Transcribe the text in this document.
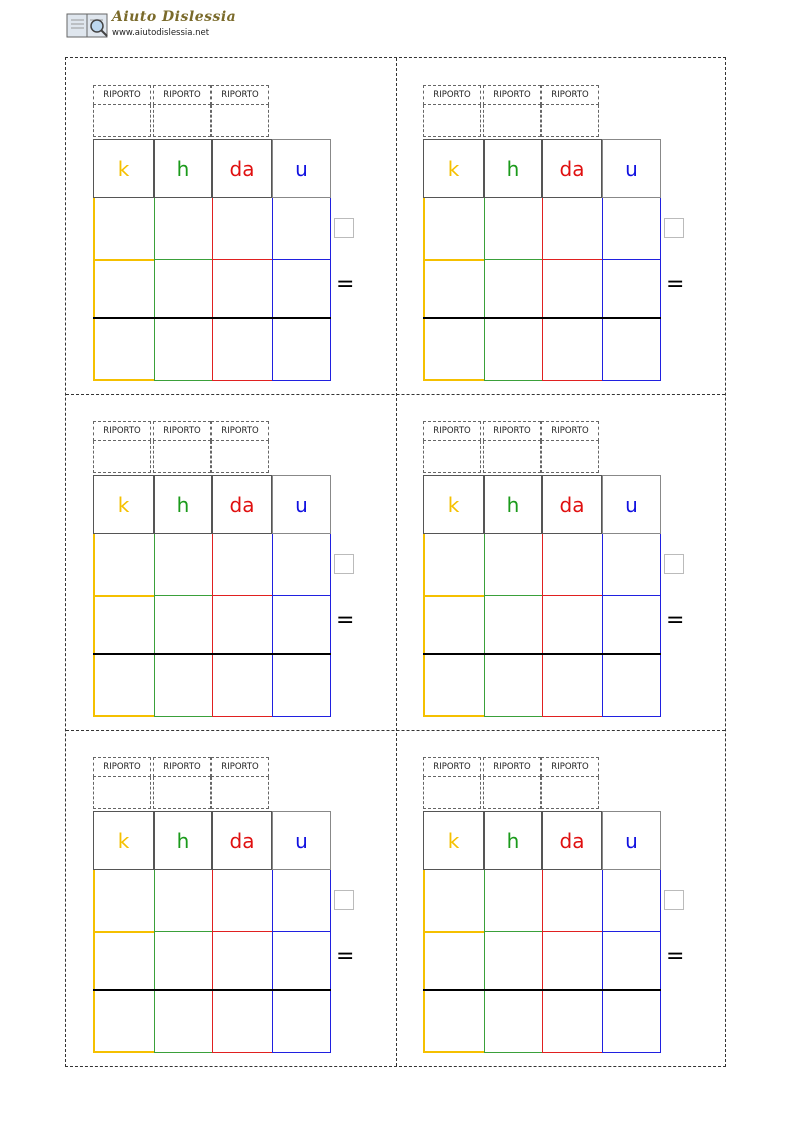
Aiuto Dislessia
www.aiutodislessia.net
RIPORTO	RIPORTO	RIPORTO
k	h	da	u
=
RIPORTO	RIPORTO	RIPORTO
k	h	da	u
=
RIPORTO	RIPORTO	RIPORTO
k	h	da	u
=
RIPORTO	RIPORTO	RIPORTO
k	h	da	u
=
RIPORTO	RIPORTO	RIPORTO
k	h	da	u
=
RIPORTO	RIPORTO	RIPORTO
k	h	da	u
=
